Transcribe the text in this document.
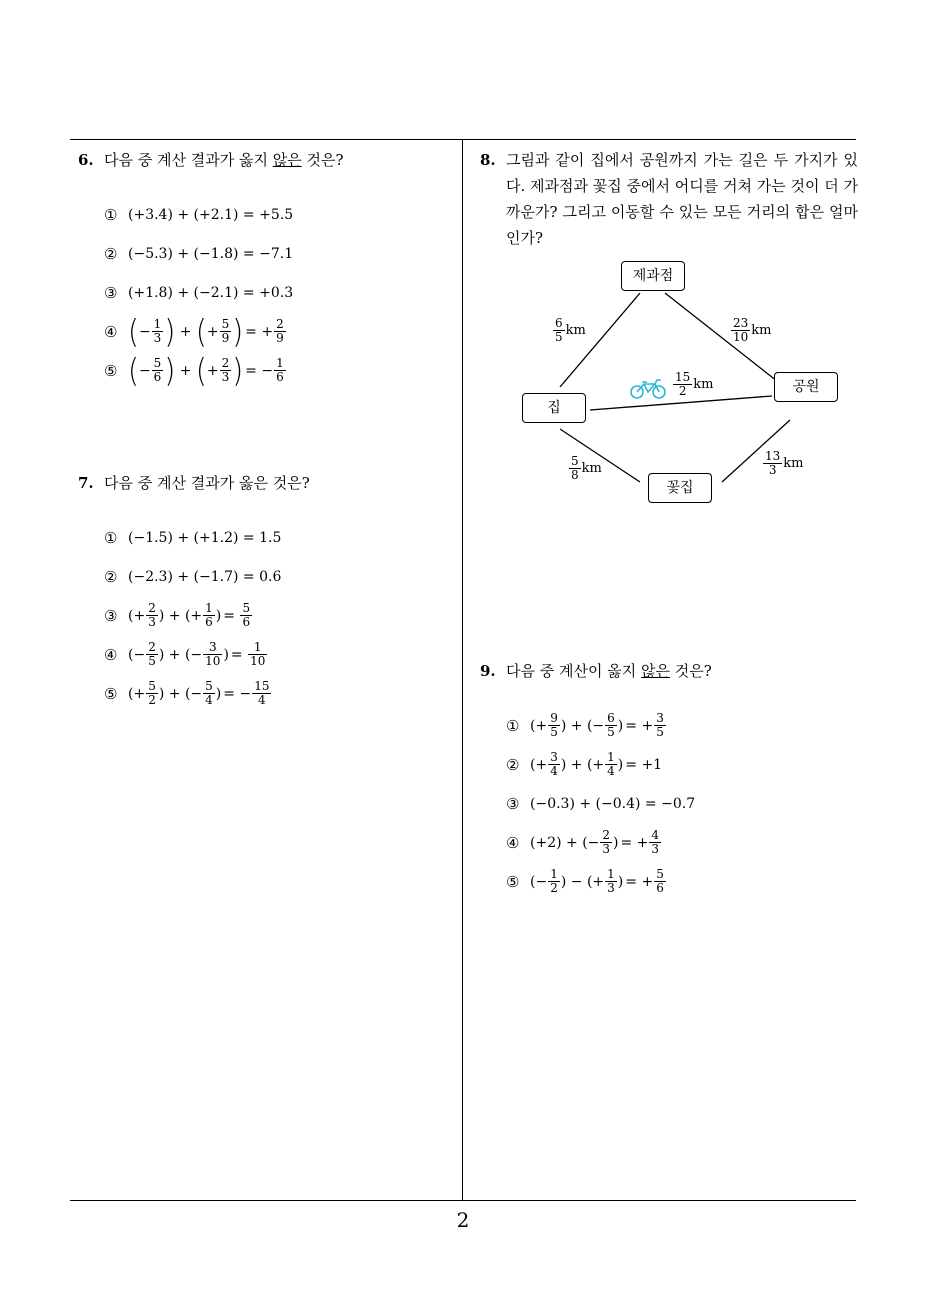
2
6. 다음 중 계산 결과가 옳지 않은 것은?
① (+3.4) + (+2.1) = +5.5
② (−5.3) + (−1.8) = −7.1
③ (+1.8) + (−2.1) = +0.3
④ ( − $\frac{1}{3}$ ) + ( + $\frac{5}{9}$ ) = + $\frac{2}{9}$
⑤ ( − $\frac{5}{6}$ ) + ( + $\frac{2}{3}$ ) = − $\frac{1}{6}$
7. 다음 중 계산 결과가 옳은 것은?
① (−1.5) + (+1.2) = 1.5
② (−2.3) + (−1.7) = 0.6
③ ( + $\frac{2}{3}$ ) + ( + $\frac{1}{6}$ ) =
$\frac{5}{6}$
④ ( − $\frac{2}{5}$ ) + ( − $\frac{3}{10}$ ) =
$\frac{1}{10}$
⑤ ( + $\frac{5}{2}$ ) + ( − $\frac{5}{4}$ ) = − $\frac{15}{4}$
8. 그림과 같이 집에서 공원까지 가는 길은 두 가지가 있다. 제과점과 꽃집 중에서 어디를 거쳐 가는 것이 더 가까운가? 그리고 이동할 수 있는 모든 거리의 합은 얼마인가?
제과점
집
공원
꽃집
$\frac{6}{5}$ km	$\frac{23}{10}$ km
$\frac{15}{2}$ km
$\frac{5}{8}$ km	$\frac{13}{3}$ km
9. 다음 중 계산이 옳지 않은 것은?
① ( + $\frac{9}{5}$ )
+
( − $\frac{6}{5}$ ) = + $\frac{3}{5}$
② ( + $\frac{3}{4}$ )
+
( + $\frac{1}{4}$ ) = +1
③ (−0.3) + (−0.4) = −0.7
④ (+2) + ( − $\frac{2}{3}$ ) = + $\frac{4}{3}$
⑤ ( − $\frac{1}{2}$ )
−
( + $\frac{1}{3}$ ) = + $\frac{5}{6}$
